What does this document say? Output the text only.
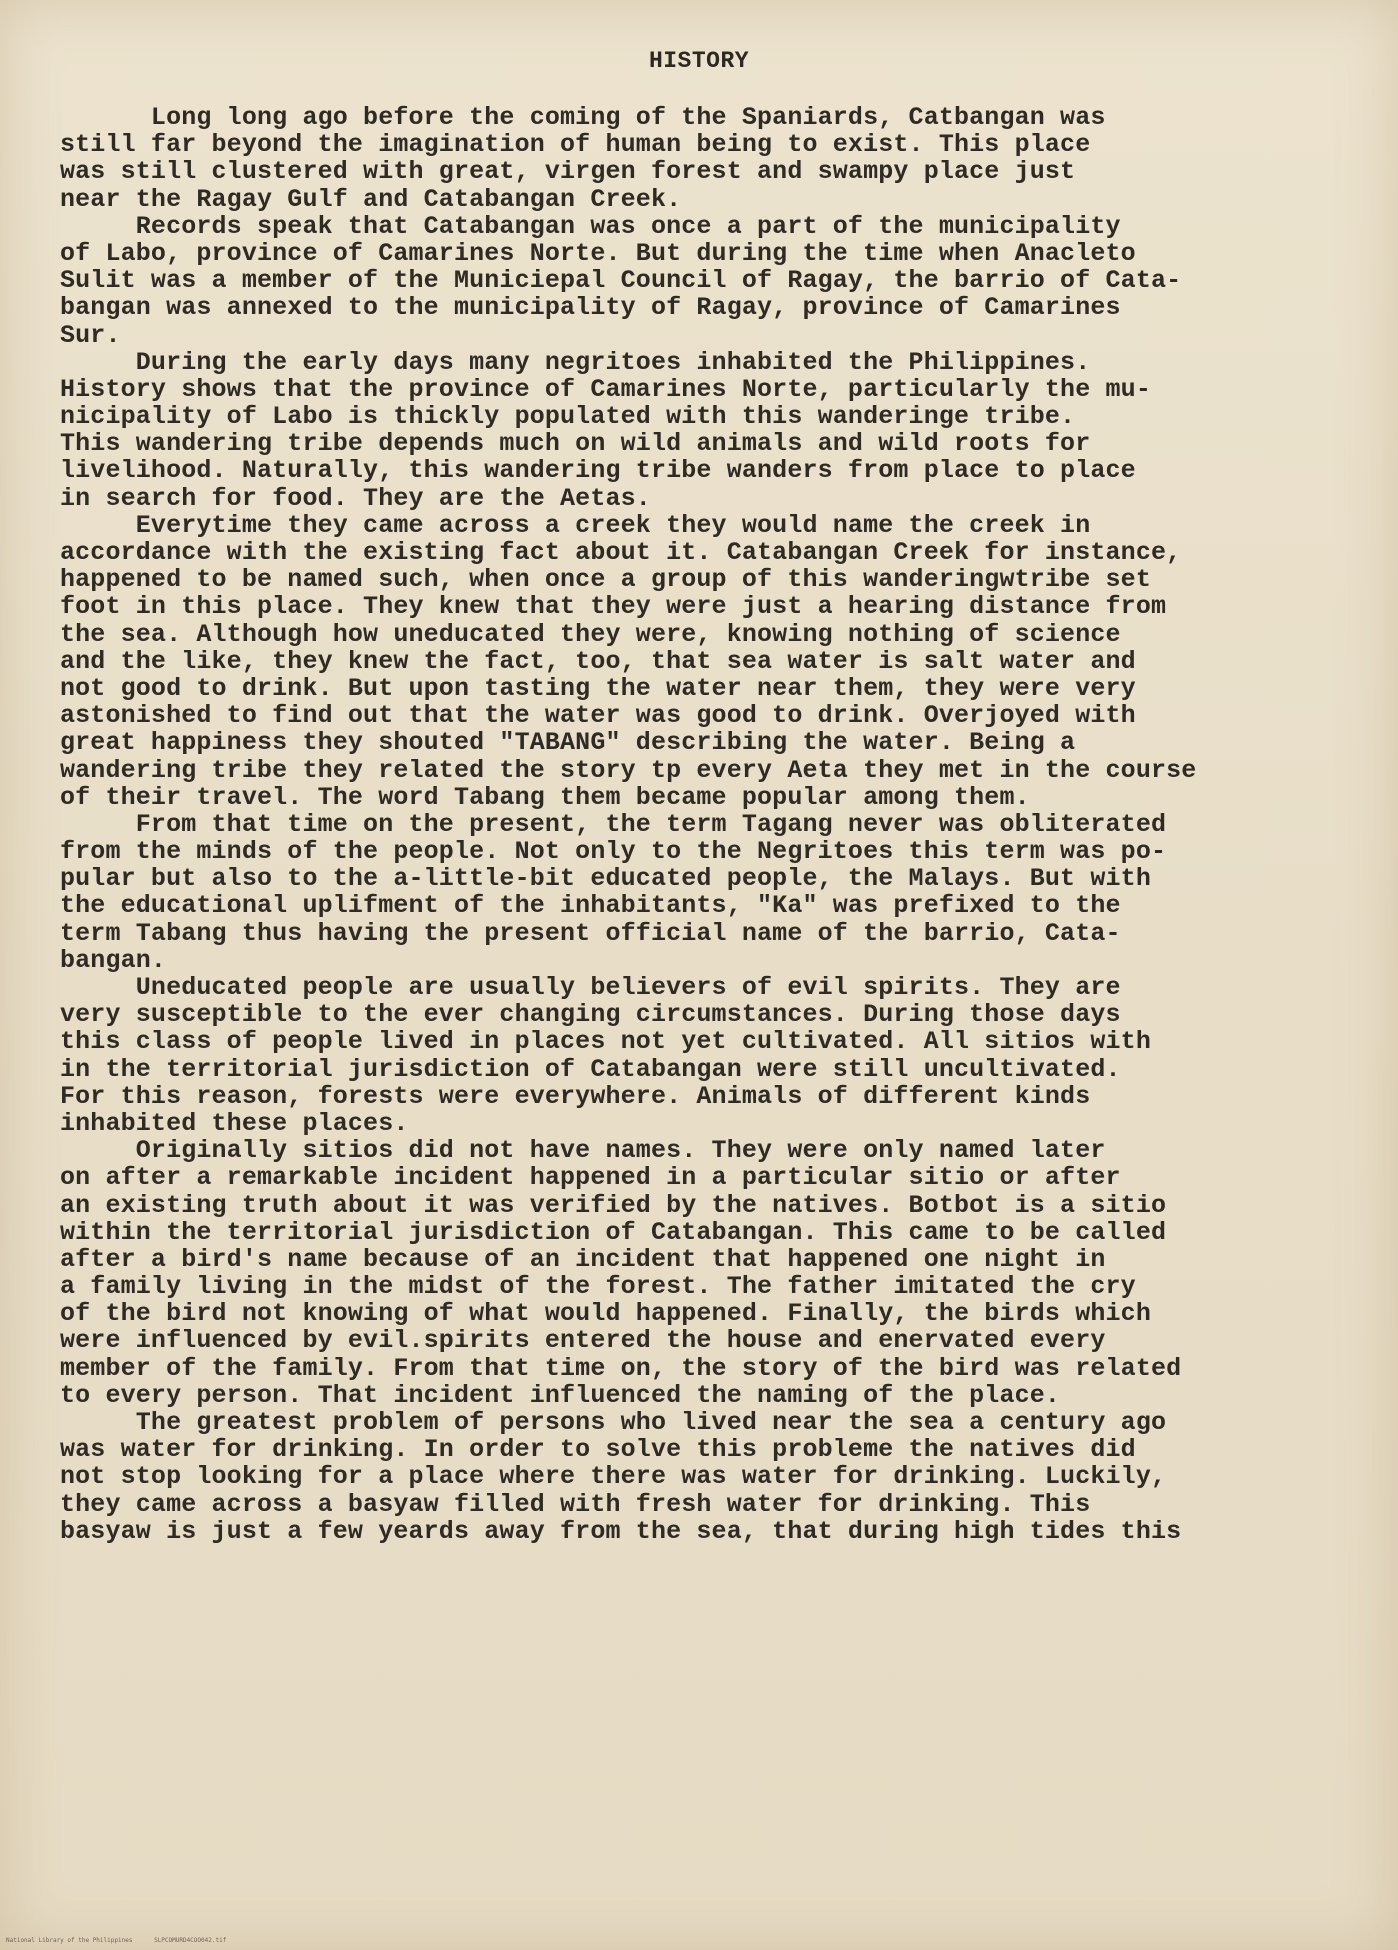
HISTORY
Long long ago before the coming of the Spaniards, Catbangan was
still far beyond the imagination of human being to exist. This place
was still clustered with great, virgen forest and swampy place just
near the Ragay Gulf and Catabangan Creek.
Records speak that Catabangan was once a part of the municipality
of Labo, province of Camarines Norte. But during the time when Anacleto
Sulit was a member of the Municiepal Council of Ragay, the barrio of Cata-
bangan was annexed to the municipality of Ragay, province of Camarines
Sur.
During the early days many negritoes inhabited the Philippines.
History shows that the province of Camarines Norte, particularly the mu-
nicipality of Labo is thickly populated with this wanderinge tribe.
This wandering tribe depends much on wild animals and wild roots for
livelihood. Naturally, this wandering tribe wanders from place to place
in search for food. They are the Aetas.
Everytime they came across a creek they would name the creek in
accordance with the existing fact about it. Catabangan Creek for instance,
happened to be named such, when once a group of this wanderingwtribe set
foot in this place. They knew that they were just a hearing distance from
the sea. Although how uneducated they were, knowing nothing of science
and the like, they knew the fact, too, that sea water is salt water and
not good to drink. But upon tasting the water near them, they were very
astonished to find out that the water was good to drink. Overjoyed with
great happiness they shouted "TABANG" describing the water. Being a
wandering tribe they related the story tp every Aeta they met in the course
of their travel. The word Tabang them became popular among them.
From that time on the present, the term Tagang never was obliterated
from the minds of the people. Not only to the Negritoes this term was po-
pular but also to the a-little-bit educated people, the Malays. But with
the educational uplifment of the inhabitants, "Ka" was prefixed to the
term Tabang thus having the present official name of the barrio, Cata-
bangan.
Uneducated people are usually believers of evil spirits. They are
very susceptible to the ever changing circumstances. During those days
this class of people lived in places not yet cultivated. All sitios with
in the territorial jurisdiction of Catabangan were still uncultivated.
For this reason, forests were everywhere. Animals of different kinds
inhabited these places.
Originally sitios did not have names. They were only named later
on after a remarkable incident happened in a particular sitio or after
an existing truth about it was verified by the natives. Botbot is a sitio
within the territorial jurisdiction of Catabangan. This came to be called
after a bird's name because of an incident that happened one night in
a family living in the midst of the forest. The father imitated the cry
of the bird not knowing of what would happened. Finally, the birds which
were influenced by evil.spirits entered the house and enervated every
member of the family. From that time on, the story of the bird was related
to every person. That incident influenced the naming of the place.
The greatest problem of persons who lived near the sea a century ago
was water for drinking. In order to solve this probleme the natives did
not stop looking for a place where there was water for drinking. Luckily,
they came across a basyaw filled with fresh water for drinking. This
basyaw is just a few yeards away from the sea, that during high tides this
National Library of the Philippines	SLPCOMURD4COO042.tif
